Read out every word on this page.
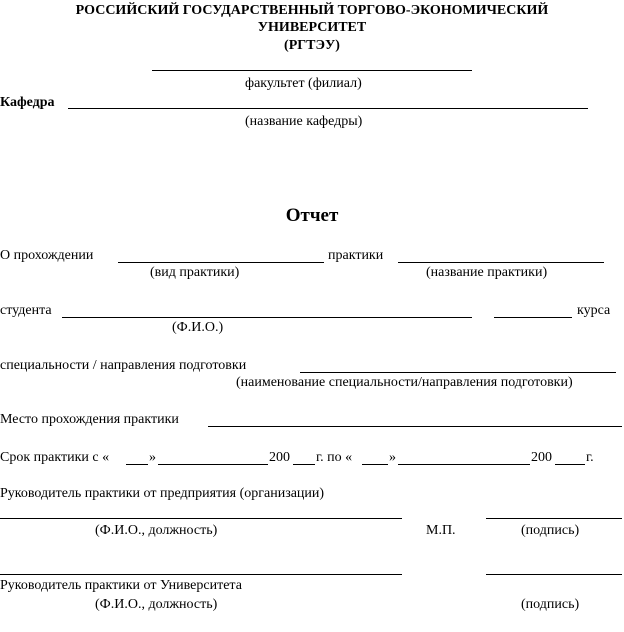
РОССИЙСКИЙ ГОСУДАРСТВЕННЫЙ ТОРГОВО-ЭКОНОМИЧЕСКИЙ
УНИВЕРСИТЕТ
(РГТЭУ)
факультет (филиал)
Кафедра
(название кафедры)
Отчет
О прохождении	практики
(вид практики)	(название практики)
студента	курса
(Ф.И.О.)
специальности / направления подготовки
(наименование специальности/направления подготовки)
Место прохождения практики
Срок практики с «	»	200 г. по «	»	200 г.
Руководитель практики от предприятия (организации)
(Ф.И.О., должность)	М.П.	(подпись)
Руководитель практики от Университета
(Ф.И.О., должность)	(подпись)
